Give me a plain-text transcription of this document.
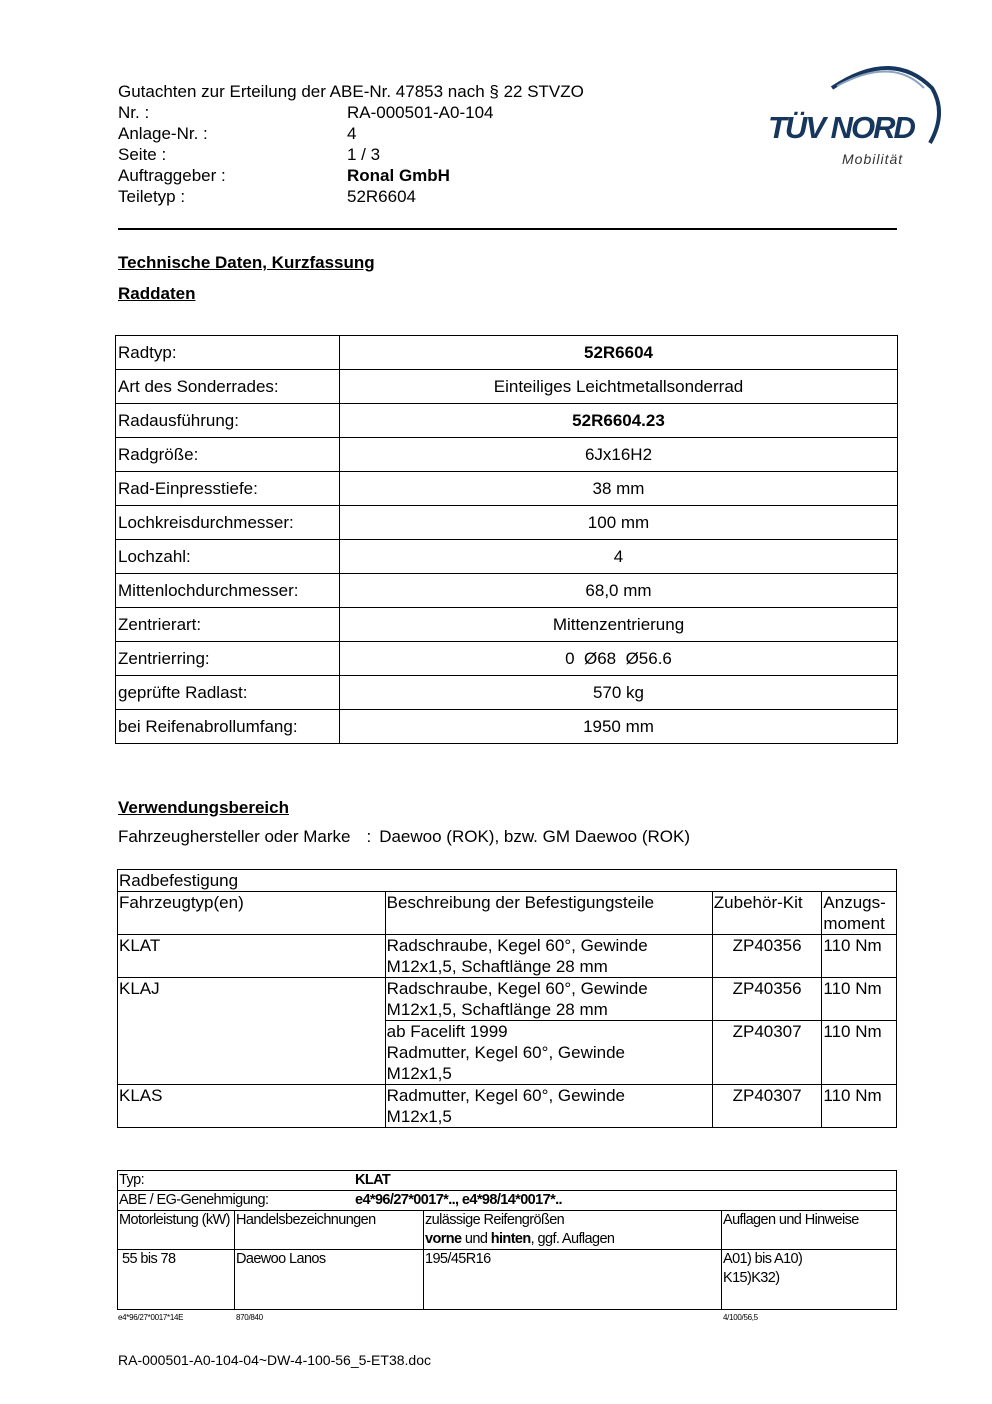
Gutachten zur Erteilung der ABE-Nr. 47853 nach § 22 STVZO
Nr. :	RA-000501-A0-104
Anlage-Nr. :	4
Seite :	1 / 3
Auftraggeber :	Ronal GmbH
Teiletyp :	52R6604
TÜV NORD
Mobilität
Technische Daten, Kurzfassung
Raddaten
Radtyp:	52R6604
Art des Sonderrades:	Einteiliges Leichtmetallsonderrad
Radausführung:	52R6604.23
Radgröße:	6Jx16H2
Rad-Einpresstiefe:	38 mm
Lochkreisdurchmesser:	100 mm
Lochzahl:	4
Mittenlochdurchmesser:	68,0 mm
Zentrierart:	Mittenzentrierung
Zentrierring:	0  Ø68  Ø56.6
geprüfte Radlast:	570 kg
bei Reifenabrollumfang:	1950 mm
Verwendungsbereich
Fahrzeughersteller oder Marke : Daewoo (ROK), bzw. GM Daewoo (ROK)
Radbefestigung			
Fahrzeugtyp(en)	Beschreibung der Befestigungsteile	Zubehör-Kit	Anzugs-moment
KLAT	Radschraube, Kegel 60°, Gewinde
M12x1,5, Schaftlänge 28 mm	ZP40356	110 Nm
KLAJ	Radschraube, Kegel 60°, Gewinde
M12x1,5, Schaftlänge 28 mm	ZP40356	110 Nm

	ab Facelift 1999
Radmutter, Kegel 60°, Gewinde
M12x1,5	ZP40307	110 Nm
KLAS	Radmutter, Kegel 60°, Gewinde
M12x1,5	ZP40307	110 Nm
Typ: KLAT			
ABE / EG-Genehmigung: e4*96/27*0017*.., e4*98/14*0017*..			
Motorleistung (kW)	Handelsbezeichnungen	zulässige Reifengrößen
vorne und hinten, ggf. Auflagen	Auflagen und Hinweise
55 bis 78	Daewoo Lanos	195/45R16	A01) bis A10)
K15)K32)
e4*96/27*0017*14E	870/840	4/100/56,5
RA-000501-A0-104-04~DW-4-100-56_5-ET38.doc
